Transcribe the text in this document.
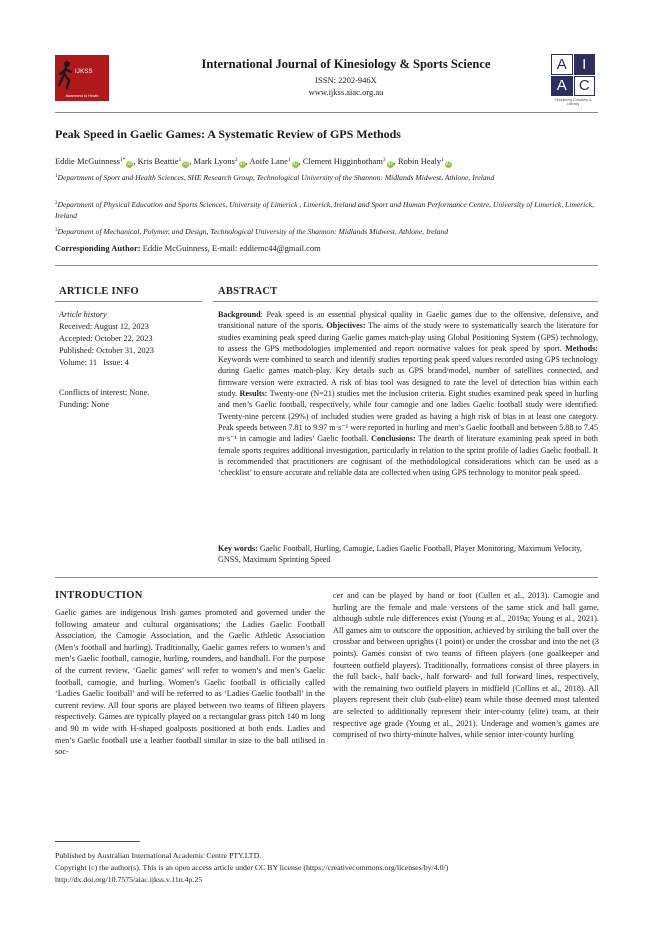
IJKSS
Awareness to Health
International Journal of Kinesiology & Sports Science
ISSN: 2202-946X
www.ijkss.aiac.org.au
A	I
A C
Flourishing Creativity & Literacy
Peak Speed in Gaelic Games: A Systematic Review of GPS Methods
Eddie McGuinness$^{1*}$iD, Kris Beattie$^1$iD, Mark Lyons$^2$iD, Aoife Lane$^1$iD, Clement Higginbotham$^3$iD, Robin Healy$^1$iD
$^1$Department of Sport and Health Sciences, SHE Research Group, Technological University of the Shannon: Midlands Midwest, Athlone, Ireland
$^2$Department of Physical Education and Sports Sciences, University of Limerick , Limerick, Ireland and Sport and Human Performance Centre, University of Limerick, Limerick, Ireland
$^3$Department of Mechanical, Polymer, and Design, Technological University of the Shannon: Midlands Midwest, Athlone, Ireland
Corresponding Author: Eddie McGuinness, E-mail: eddiemc44@gmail.com
ARTICLE INFO
Article history
Received: August 12, 2023
Accepted: October 22, 2023
Published: October 31, 2023
Volume: 11 Issue: 4
Conflicts of interest: None.
Funding: None
ABSTRACT
Background: Peak speed is an essential physical quality in Gaelic games due to the offensive, defensive, and transitional nature of the sports. Objectives: The aims of the study were to systematically search the literature for studies examining peak speed during Gaelic games match-play using Global Positioning System (GPS) technology, to assess the GPS methodologies implemented and report normative values for peak speed by sport. Methods: Keywords were combined to search and identify studies reporting peak speed values recorded using GPS technology during Gaelic games match-play. Key details such as GPS brand/model, number of satellites connected, and firmware version were extracted. A risk of bias tool was designed to rate the level of detection bias within each study. Results: Twenty-one (N=21) studies met the inclusion criteria. Eight studies examined peak speed in hurling and men’s Gaelic football, respectively, while four camogie and one ladies Gaelic football study were identified. Twenty-nine percent (29%) of included studies were graded as having a high risk of bias in at least one category. Peak speeds between 7.81 to 9.97 m·s⁻¹ were reported in hurling and men’s Gaelic football and between 5.88 to 7.45 m·s⁻¹ in camogie and ladies’ Gaelic football. Conclusions: The dearth of literature examining peak speed in both female sports requires additional investigation, particularly in relation to the sprint profile of ladies Gaelic football. It is recommended that practitioners are cognisant of the methodological considerations which can be used as a ‘checklist’ to ensure accurate and reliable data are collected when using GPS technology to monitor peak speed.
Key words: Gaelic Football, Hurling, Camogie, Ladies Gaelic Football, Player Monitoring, Maximum Velocity, GNSS, Maximum Sprinting Speed
INTRODUCTION
Gaelic games are indigenous Irish games promoted and governed under the following amateur and cultural organisations; the Ladies Gaelic Football Association, the Camogie Association, and the Gaelic Athletic Association (Men’s football and hurling). Traditionally, Gaelic games refers to women’s and men’s Gaelic football, camogie, hurling, rounders, and handball. For the purpose of the current review, ‘Gaelic games’ will refer to women’s and men’s Gaelic football, camogie, and hurling. Women’s Gaelic football is officially called ‘Ladies Gaelic football’ and will be referred to as ‘Ladies Gaelic football’ in the current review. All four sports are played between two teams of fifteen players respectively. Games are typically played on a rectangular grass pitch 140 m long and 90 m wide with H-shaped goalposts positioned at both ends. Ladies and men’s Gaelic football use a leather football similar in size to the ball utilised in soc-
cer and can be played by hand or foot (Cullen et al., 2013). Camogie and hurling are the female and male versions of the same stick and ball game, although subtle rule differences exist (Young et al., 2019a; Young et al., 2021). All games aim to outscore the opposition, achieved by striking the ball over the crossbar and between uprights (1 point) or under the crossbar and into the net (3 points). Games consist of two teams of fifteen players (one goalkeeper and fourteen outfield players). Traditionally, formations consist of three players in the full back-, half back-, half forward- and full forward lines, respectively, with the remaining two outfield players in midfield (Collins et al., 2018). All players represent their club (sub-elite) team while those deemed most talented are selected to additionally represent their inter-county (elite) team, at their respective age grade (Young et al., 2021). Underage and women’s games are comprised of two thirty-minute halves, while senior inter-county hurling
Published by Australian International Academic Centre PTY.LTD.
Copyright (c) the author(s). This is an open access article under CC BY license (https://creativecommons.org/licenses/by/4.0/)
http://dx.doi.org/10.7575/aiac.ijkss.v.11n.4p.25
